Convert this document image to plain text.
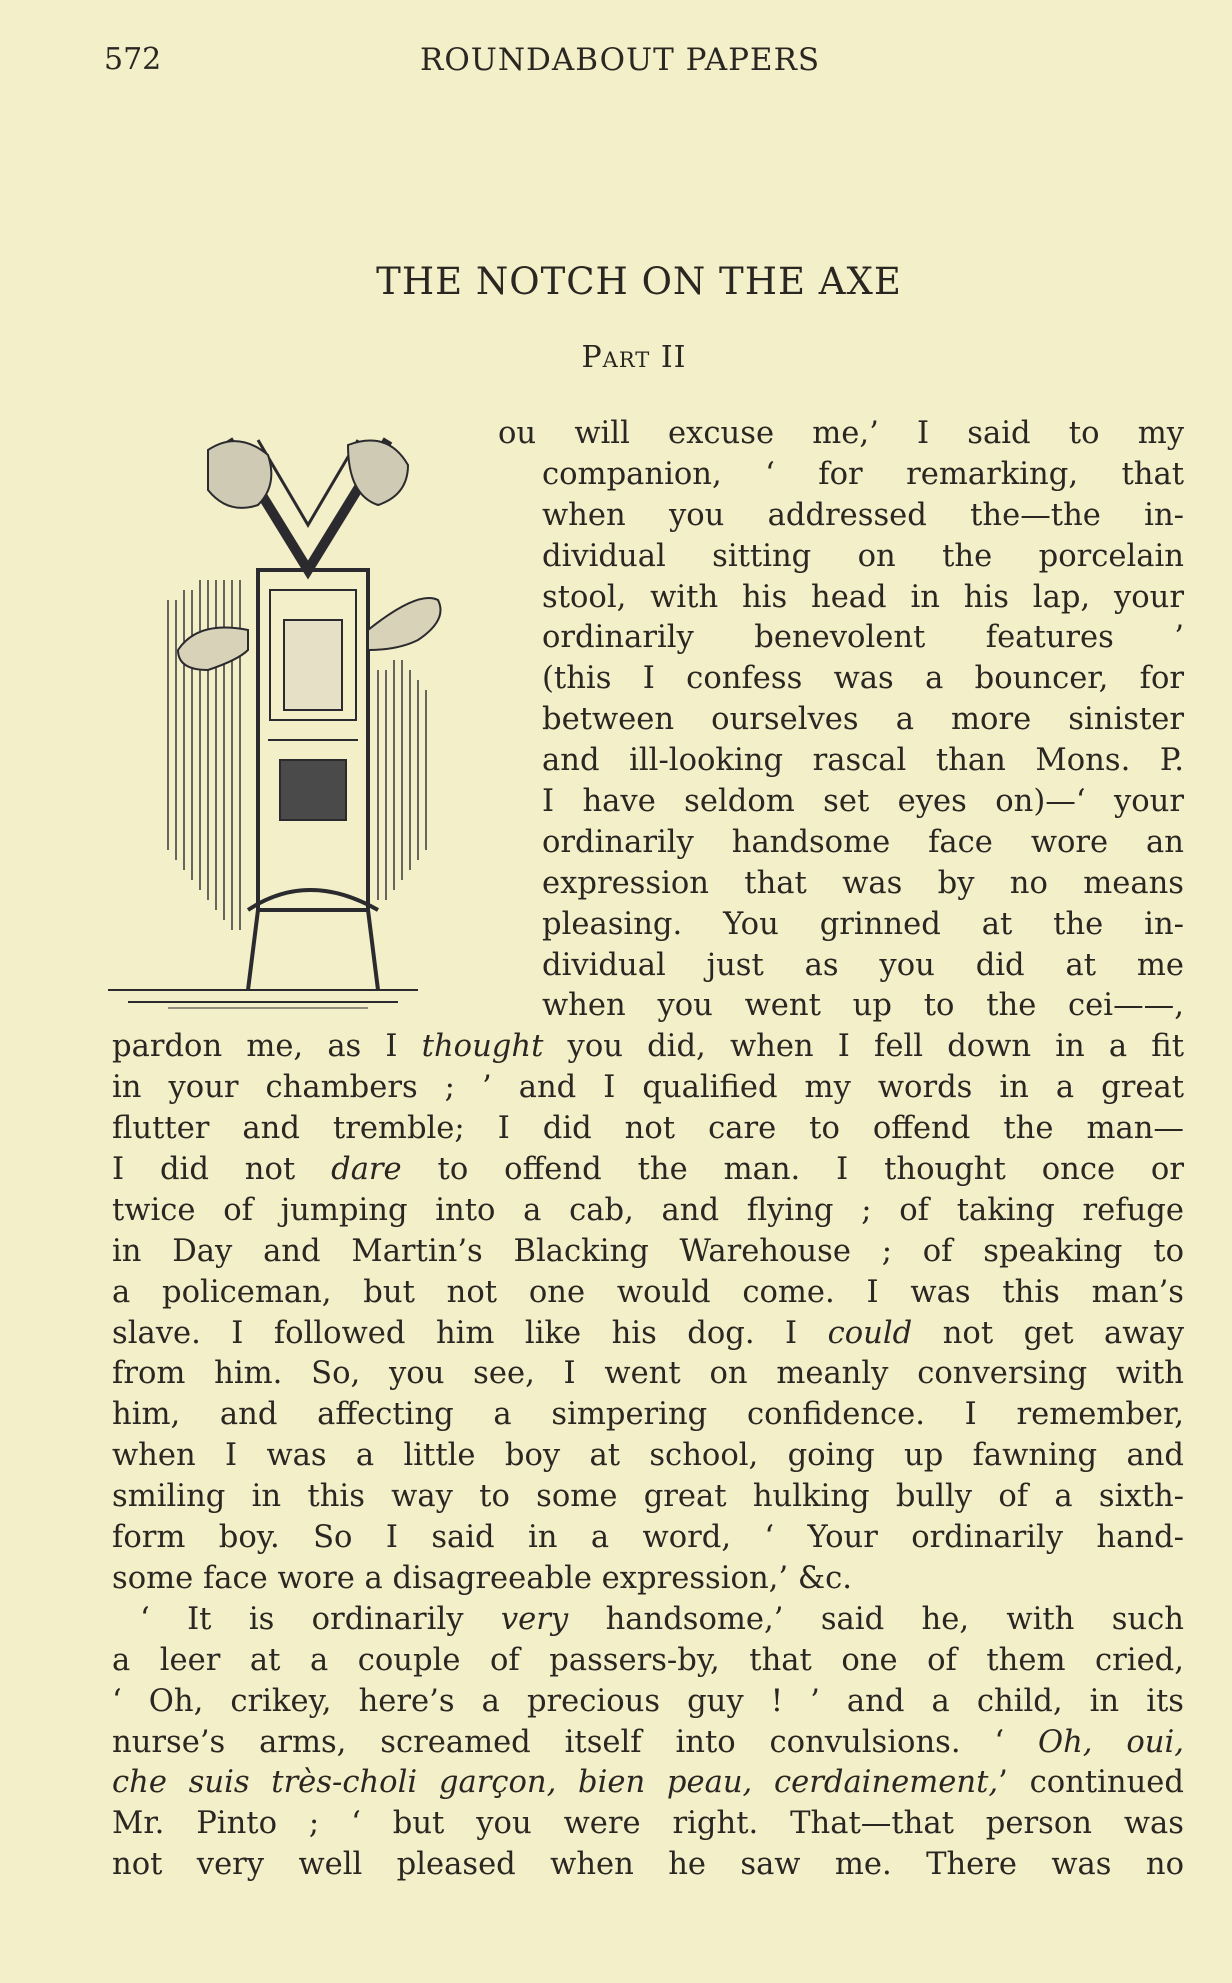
572	ROUNDABOUT PAPERS
THE NOTCH ON THE AXE
Part II
ou will excuse me,’ I said to my
companion, ‘ for remarking, that
when you addressed the—the in-
dividual sitting on the porcelain
stool, with his head in his lap, your
ordinarily benevolent features ’
(this I confess was a bouncer, for
between ourselves a more sinister
and ill-looking rascal than Mons. P.
I have seldom set eyes on)—‘ your
ordinarily handsome face wore an
expression that was by no means
pleasing. You grinned at the in-
dividual just as you did at me
when you went up to the cei——,
pardon me, as I thought you did, when I fell down in a fit
in your chambers ; ’ and I qualified my words in a great
flutter and tremble; I did not care to offend the man—
I did not dare to offend the man. I thought once or
twice of jumping into a cab, and flying ; of taking refuge
in Day and Martin’s Blacking Warehouse ; of speaking to
a policeman, but not one would come. I was this man’s
slave. I followed him like his dog. I could not get away
from him. So, you see, I went on meanly conversing with
him, and affecting a simpering confidence. I remember,
when I was a little boy at school, going up fawning and
smiling in this way to some great hulking bully of a sixth-
form boy. So I said in a word, ‘ Your ordinarily hand-
some face wore a disagreeable expression,’ &c.
‘ It is ordinarily very handsome,’ said he, with such
a leer at a couple of passers-by, that one of them cried,
‘ Oh, crikey, here’s a precious guy ! ’ and a child, in its
nurse’s arms, screamed itself into convulsions. ‘ Oh, oui,
che suis très-choli garçon, bien peau, cerdainement,’ continued
Mr. Pinto ; ‘ but you were right. That—that person was
not very well pleased when he saw me. There was no
